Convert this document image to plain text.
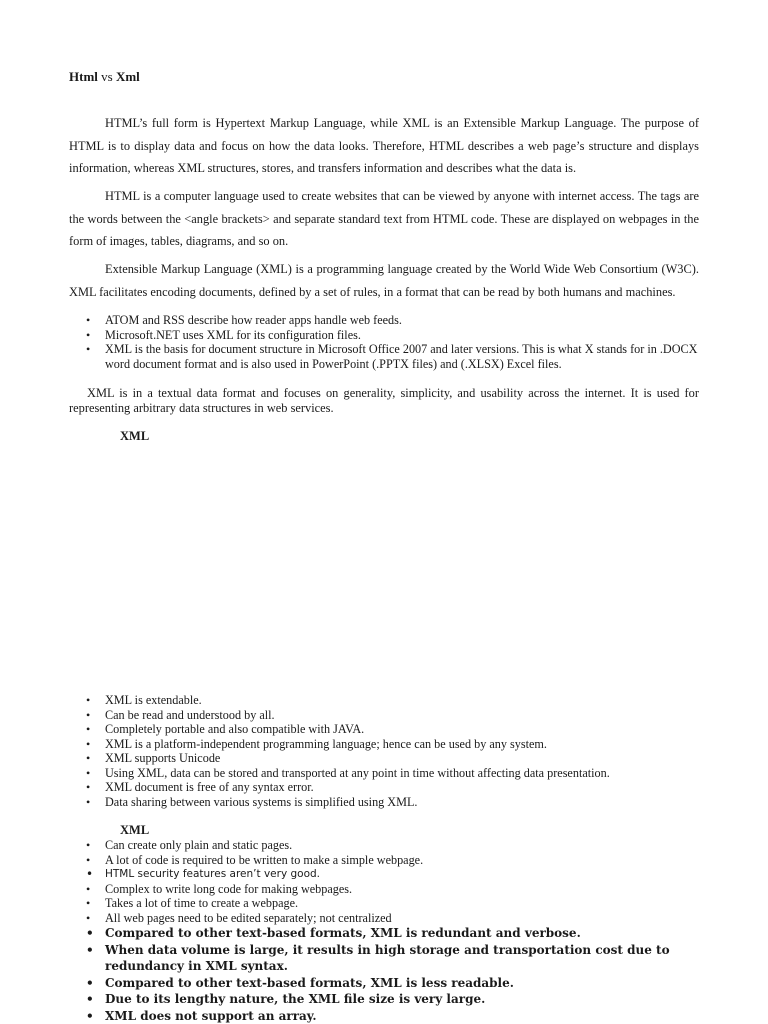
Html vs Xml
HTML’s full form is Hypertext Markup Language, while XML is an Extensible Markup Language. The purpose of HTML is to display data and focus on how the data looks. Therefore, HTML describes a web page’s structure and displays information, whereas XML structures, stores, and transfers information and describes what the data is.
HTML is a computer language used to create websites that can be viewed by anyone with internet access. The tags are the words between the <angle brackets> and separate standard text from HTML code. These are displayed on webpages in the form of images, tables, diagrams, and so on.
Extensible Markup Language (XML) is a programming language created by the World Wide Web Consortium (W3C). XML facilitates encoding documents, defined by a set of rules, in a format that can be read by both humans and machines.
• ATOM and RSS describe how reader apps handle web feeds.
• Microsoft.NET uses XML for its configuration files.
• XML is the basis for document structure in Microsoft Office 2007 and later versions. This is what X stands for in .DOCX word document format and is also used in PowerPoint (.PPTX files) and (.XLSX) Excel files.
XML is in a textual data format and focuses on generality, simplicity, and usability across the internet. It is used for representing arbitrary data structures in web services.
XML
• XML is extendable.
• Can be read and understood by all.
• Completely portable and also compatible with JAVA.
• XML is a platform-independent programming language; hence can be used by any system.
• XML supports Unicode
• Using XML, data can be stored and transported at any point in time without affecting data presentation.
• XML document is free of any syntax error.
• Data sharing between various systems is simplified using XML.
XML
• Can create only plain and static pages.
• A lot of code is required to be written to make a simple webpage.
• HTML security features aren’t very good.
• Complex to write long code for making webpages.
• Takes a lot of time to create a webpage.
• All web pages need to be edited separately; not centralized
• Compared to other text-based formats, XML is redundant and verbose.
• When data volume is large, it results in high storage and transportation cost due to redundancy in XML syntax.
• Compared to other text-based formats, XML is less readable.
• Due to its lengthy nature, the XML file size is very large.
• XML does not support an array.
